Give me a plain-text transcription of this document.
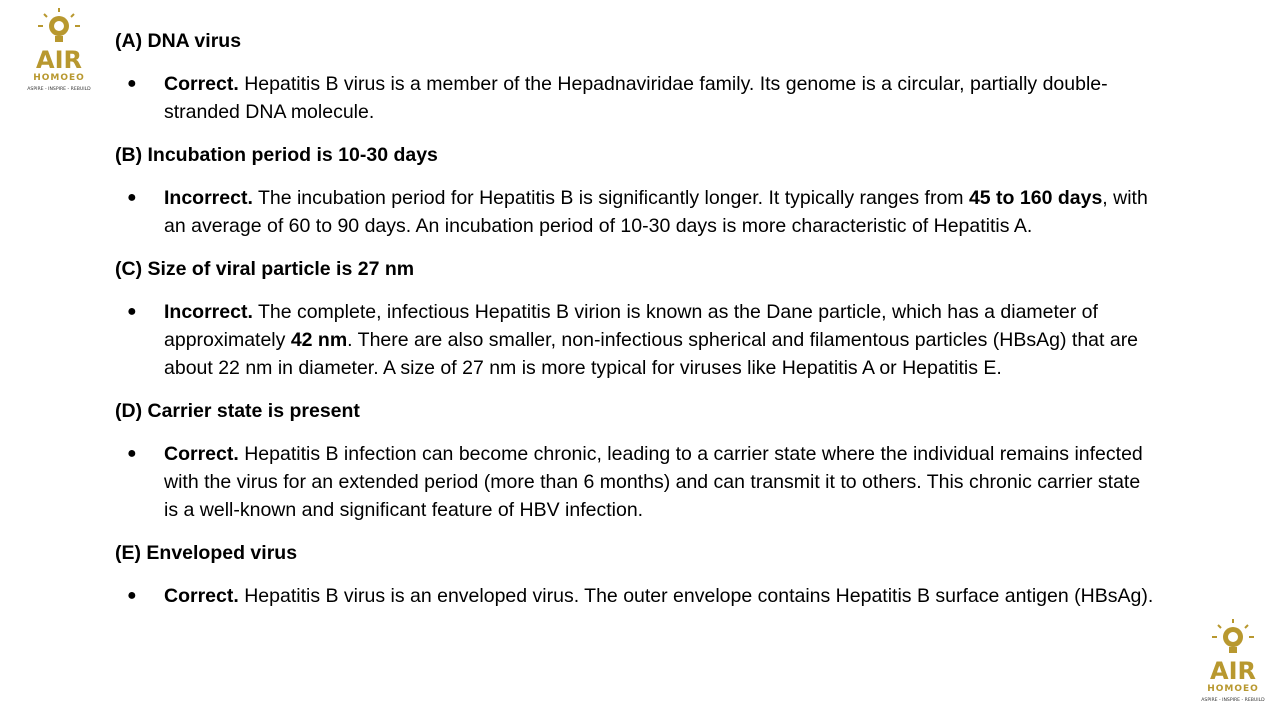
AIR
HOMOEO
ASPIRE - INSPIRE - REBUILD
AIR
HOMOEO
ASPIRE - INSPIRE - REBUILD
(A) DNA virus
● Correct. Hepatitis B virus is a member of the Hepadnaviridae family. Its genome is a circular, partially double-stranded DNA molecule.
(B) Incubation period is 10-30 days
● Incorrect. The incubation period for Hepatitis B is significantly longer. It typically ranges from 45 to 160 days, with an average of 60 to 90 days. An incubation period of 10-30 days is more characteristic of Hepatitis A.
(C) Size of viral particle is 27 nm
● Incorrect. The complete, infectious Hepatitis B virion is known as the Dane particle, which has a diameter of approximately 42 nm. There are also smaller, non-infectious spherical and filamentous particles (HBsAg) that are about 22 nm in diameter. A size of 27 nm is more typical for viruses like Hepatitis A or Hepatitis E.
(D) Carrier state is present
● Correct. Hepatitis B infection can become chronic, leading to a carrier state where the individual remains infected with the virus for an extended period (more than 6 months) and can transmit it to others. This chronic carrier state is a well-known and significant feature of HBV infection.
(E) Enveloped virus
● Correct. Hepatitis B virus is an enveloped virus. The outer envelope contains Hepatitis B surface antigen (HBsAg).
